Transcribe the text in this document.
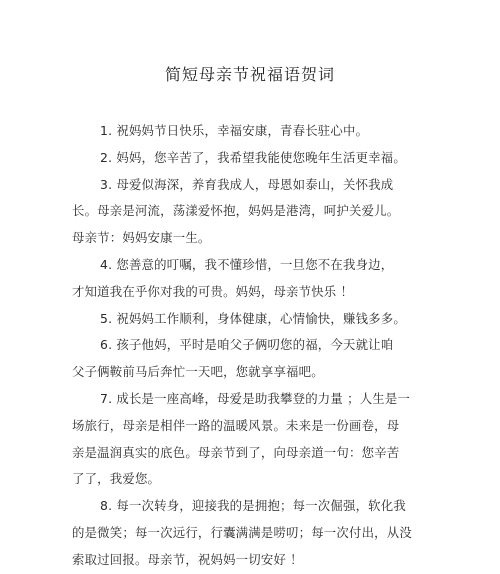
简短母亲节祝福语贺词
1. 祝妈妈节日快乐，幸福安康，青春长驻心中。
2. 妈妈，您辛苦了，我希望我能使您晚年生活更幸福。
3. 母爱似海深，养育我成人，母恩如泰山，关怀我成
长。母亲是河流，荡漾爱怀抱，妈妈是港湾，呵护关爱儿。
母亲节：妈妈安康一生。
4. 您善意的叮嘱，我不懂珍惜，一旦您不在我身边，
才知道我在乎你对我的可贵。妈妈，母亲节快乐 ！
5. 祝妈妈工作顺利，身体健康，心情愉快，赚钱多多。
6. 孩子他妈，平时是咱父子俩叨您的福，今天就让咱
父子俩鞍前马后奔忙一天吧，您就享享福吧。
7. 成长是一座高峰，母爱是助我攀登的力量 ；人生是一
场旅行，母亲是相伴一路的温暖风景。未来是一份画卷，母
亲是温润真实的底色。母亲节到了，向母亲道一句：您辛苦
了了，我爱您。
8. 每一次转身，迎接我的是拥抱；每一次倔强，软化我
的是微笑；每一次远行，行囊满满是唠叨；每一次付出，从没
索取过回报。母亲节，祝妈妈一切安好 ！
